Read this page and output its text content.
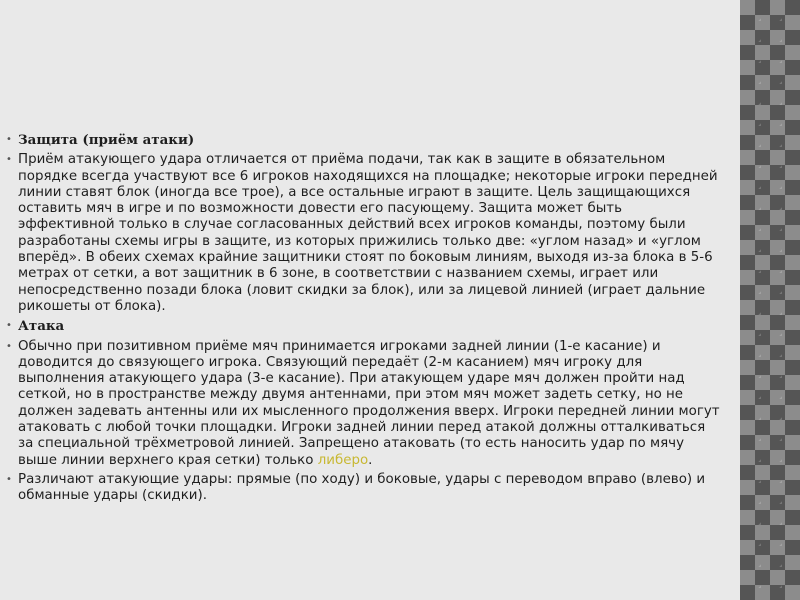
• Защита (приём атаки)
• Приём атакующего удара отличается от приёма подачи, так как в защите в обязательном порядке всегда участвуют все 6 игроков находящихся на площадке; некоторые игроки передней линии ставят блок (иногда все трое), а все остальные играют в защите. Цель защищающихся оставить мяч в игре и по возможности довести его пасующему. Защита может быть эффективной только в случае согласованных действий всех игроков команды, поэтому были разработаны схемы игры в защите, из которых прижились только две: «углом назад» и «углом вперёд». В обеих схемах крайние защитники стоят по боковым линиям, выходя из-за блока в 5-6 метрах от сетки, а вот защитник в 6 зоне, в соответствии с названием схемы, играет или непосредственно позади блока (ловит скидки за блок), или за лицевой линией (играет дальние рикошеты от блока).
• Атака
• Обычно при позитивном приёме мяч принимается игроками задней линии (1-е касание) и доводится до связующего игрока. Связующий передаёт (2-м касанием) мяч игроку для выполнения атакующего удара (3-е касание). При атакующем ударе мяч должен пройти над сеткой, но в пространстве между двумя антеннами, при этом мяч может задеть сетку, но не должен задевать антенны или их мысленного продолжения вверх. Игроки передней линии могут атаковать с любой точки площадки. Игроки задней линии перед атакой должны отталкиваться за специальной трёхметровой линией. Запрещено атаковать (то есть наносить удар по мячу выше линии верхнего края сетки) только либеро.
• Различают атакующие удары: прямые (по ходу) и боковые, удары с переводом вправо (влево) и обманные удары (скидки).
